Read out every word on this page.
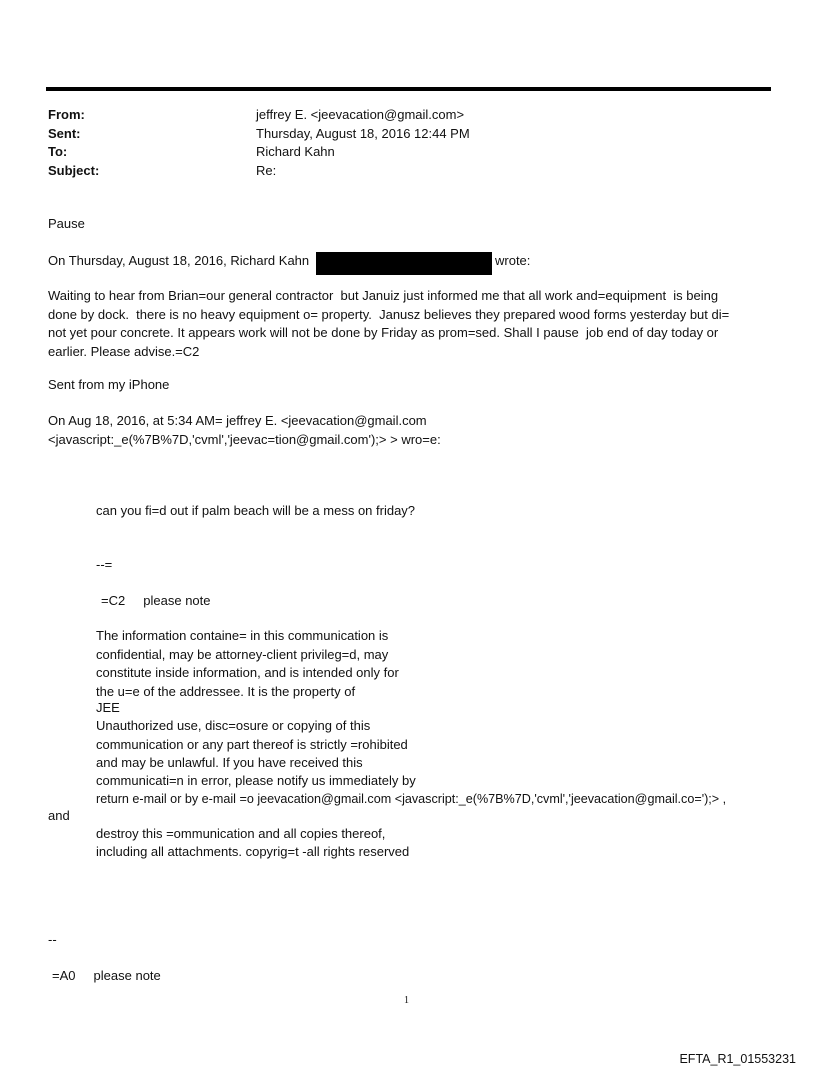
From:	jeffrey E. <jeevacation@gmail.com>
Sent:	Thursday, August 18, 2016 12:44 PM
To:	Richard Kahn
Subject:	Re:
Pause
On Thursday, August 18, 2016, Richard Kahn	wrote:
Waiting to hear from Brian=our general contractor  but Januiz just informed me that all work and=equipment  is being
done by dock.  there is no heavy equipment o= property.  Janusz believes they prepared wood forms yesterday but di=
not yet pour concrete. It appears work will not be done by Friday as prom=sed. Shall I pause  job end of day today or
earlier. Please advise.=C2
Sent from my iPhone
On Aug 18, 2016, at 5:34 AM= jeffrey E. <jeevacation@gmail.com
<javascript:_e(%7B%7D,'cvml','jeevac=tion@gmail.com');> > wro=e:
can you fi=d out if palm beach will be a mess on friday?
--=
=C2     please note
The information containe= in this communication is
confidential, may be attorney-client privileg=d, may
constitute inside information, and is intended only for
the u=e of the addressee. It is the property of
JEE
Unauthorized use, disc=osure or copying of this
communication or any part thereof is strictly =rohibited
and may be unlawful. If you have received this
communicati=n in error, please notify us immediately by
return e-mail or by e-mail =o jeevacation@gmail.com <javascript:_e(%7B%7D,'cvml','jeevacation@gmail.co=');> ,
and
destroy this =ommunication and all copies thereof,
including all attachments. copyrig=t -all rights reserved
--
=A0     please note
1
EFTA_R1_01553231
